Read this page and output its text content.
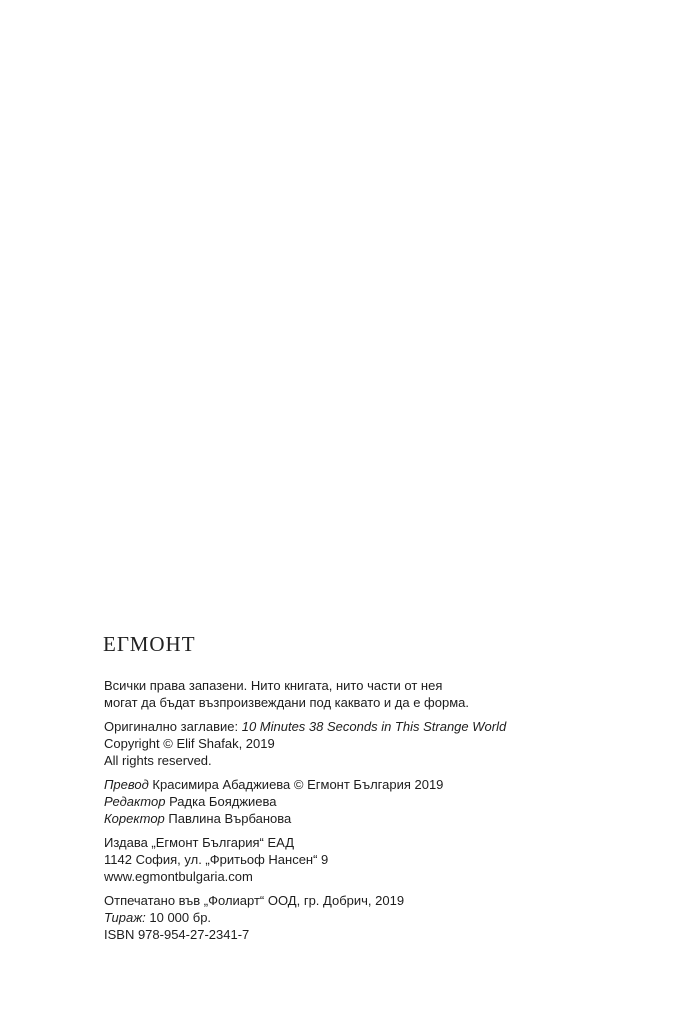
ЕГМОНТ
Всички права запазени. Нито книгата, нито части от нея
могат да бъдат възпроизвеждани под каквато и да е форма.
Оригинално заглавие: 10 Minutes 38 Seconds in This Strange World
Copyright © Elif Shafak, 2019
All rights reserved.
Превод Красимира Абаджиева © Егмонт България 2019
Редактор Радка Бояджиева
Коректор Павлина Върбанова
Издава „Егмонт България“ ЕАД
1142 София, ул. „Фритьоф Нансен“ 9
www.egmontbulgaria.com
Отпечатано във „Фолиарт“ ООД, гр. Добрич, 2019
Тираж: 10 000 бр.
ISBN 978-954-27-2341-7
